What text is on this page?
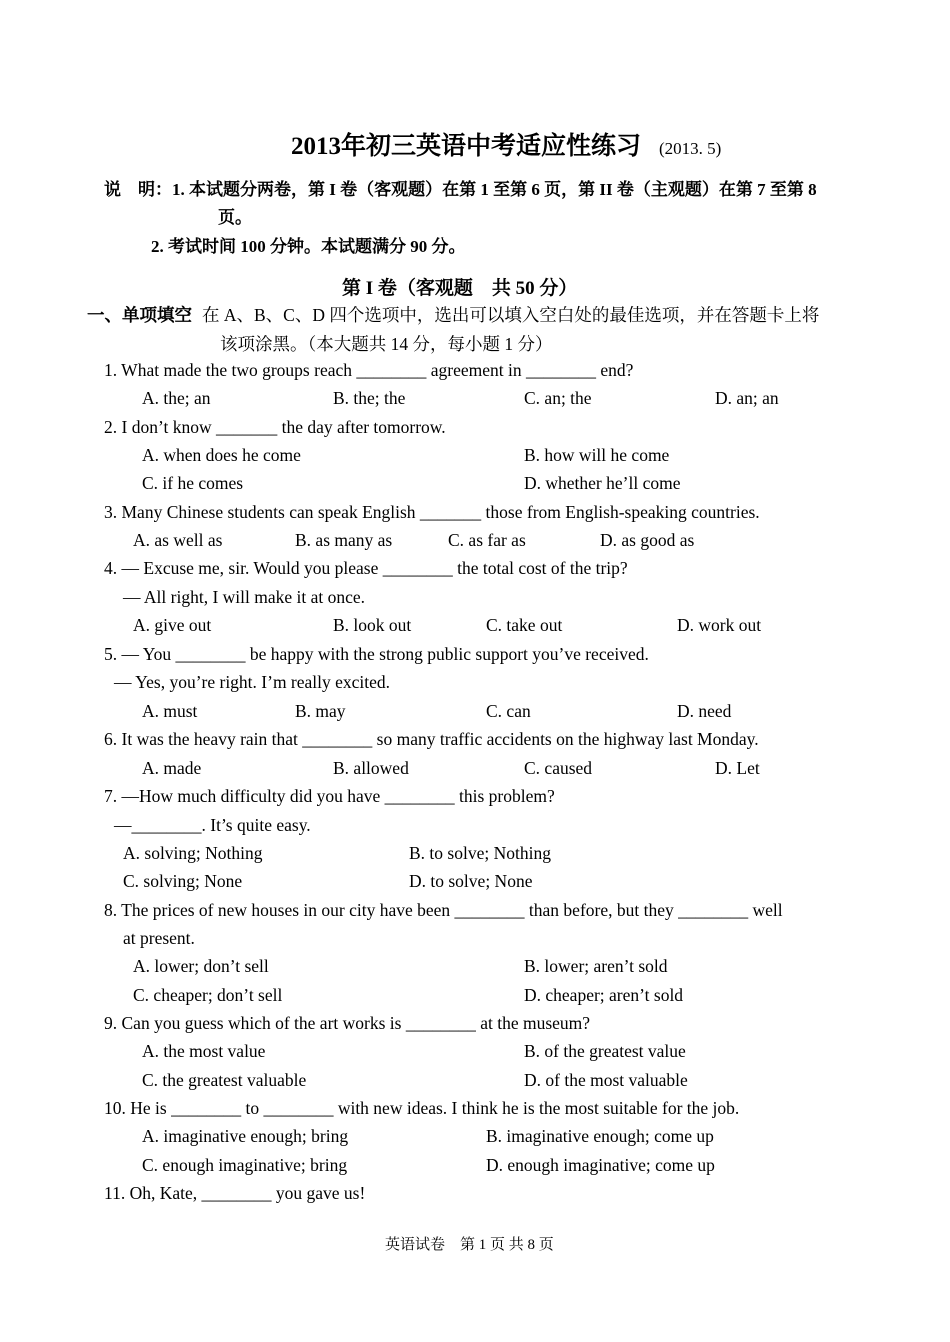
2013年初三英语中考适应性练习 (2013. 5)
说　明：1. 本试题分两卷，第 I 卷（客观题）在第 1 至第 6 页，第 II 卷（主观题）在第 7 至第 8
页。
2. 考试时间 100 分钟。本试题满分 90 分。
第 I 卷（客观题　共 50 分）
一、单项填空 在 A、B、C、D 四个选项中，选出可以填入空白处的最佳选项，并在答题卡上将
该项涂黑。（本大题共 14 分，每小题 1 分）
1. What made the two groups reach ________ agreement in ________ end?
A. the; an	B. the; the	C. an; the	D. an; an
2. I don’t know _______ the day after tomorrow.
A. when does he come	B. how will he come
C. if he comes	D. whether he’ll come
3. Many Chinese students can speak English _______ those from English-speaking countries.
A. as well as	B. as many as	C. as far as	D. as good as
4. — Excuse me, sir. Would you please ________ the total cost of the trip?
— All right, I will make it at once.
A. give out	B. look out	C. take out	D. work out
5. — You ________ be happy with the strong public support you’ve received.
— Yes, you’re right. I’m really excited.
A. must	B. may	C. can	D. need
6. It was the heavy rain that ________ so many traffic accidents on the highway last Monday.
A. made	B. allowed	C. caused	D. Let
7. —How much difficulty did you have ________ this problem?
—________. It’s quite easy.
A. solving; Nothing	B. to solve; Nothing
C. solving; None	D. to solve; None
8. The prices of new houses in our city have been ________ than before, but they ________ well
at present.
A. lower; don’t sell	B. lower; aren’t sold
C. cheaper; don’t sell	D. cheaper; aren’t sold
9. Can you guess which of the art works is ________ at the museum?
A. the most value	B. of the greatest value
C. the greatest valuable	D. of the most valuable
10. He is ________ to ________ with new ideas. I think he is the most suitable for the job.
A. imaginative enough; bring	B. imaginative enough; come up
C. enough imaginative; bring	D. enough imaginative; come up
11. Oh, Kate, ________ you gave us!
英语试卷　第 1 页 共 8 页
